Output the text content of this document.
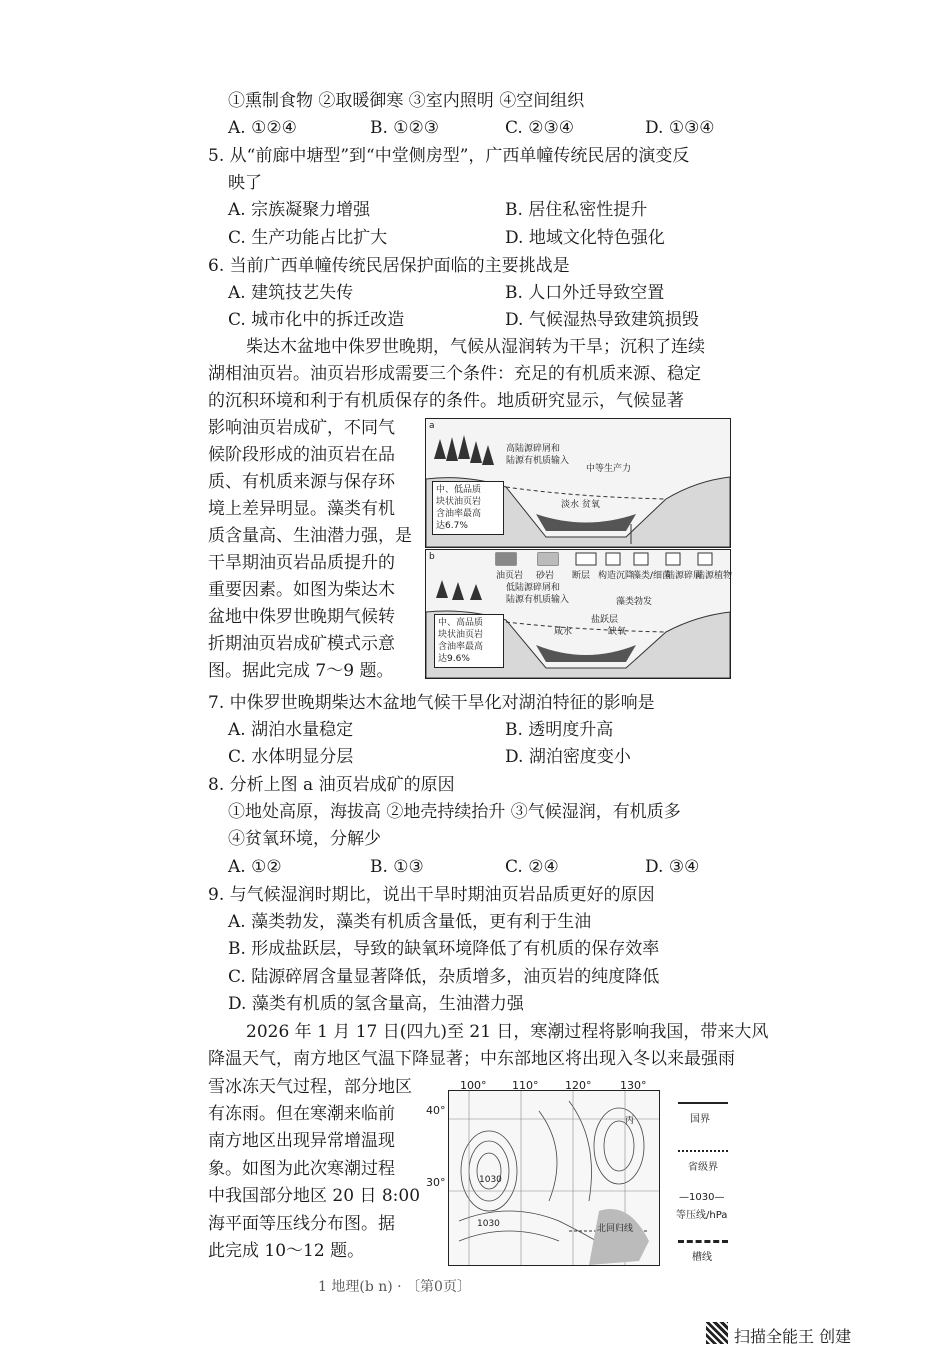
①熏制食物 ②取暖御寒 ③室内照明 ④空间组织
A. ①②④	B. ①②③	C. ②③④	D. ①③④
5. 从“前廊中塘型”到“中堂侧房型”，广西单幢传统民居的演变反
映了
A. 宗族凝聚力增强	B. 居住私密性提升
C. 生产功能占比扩大	D. 地域文化特色强化
6. 当前广西单幢传统民居保护面临的主要挑战是
A. 建筑技艺失传	B. 人口外迁导致空置
C. 城市化中的拆迁改造	D. 气候湿热导致建筑损毁
柴达木盆地中侏罗世晚期，气候从湿润转为干旱；沉积了连续
湖相油页岩。油页岩形成需要三个条件：充足的有机质来源、稳定
的沉积环境和利于有机质保存的条件。地质研究显示，气候显著
影响油页岩成矿，不同气
候阶段形成的油页岩在品
质、有机质来源与保存环
境上差异明显。藻类有机
质含量高、生油潜力强，是
干旱期油页岩品质提升的
重要因素。如图为柴达木
盆地中侏罗世晚期气候转
折期油页岩成矿模式示意
图。据此完成 7～9 题。
a
高陆源碎屑和
陆源有机质输入
中等生产力
淡水 贫氧
中、低品质
块状油页岩
含油率最高
达6.7%
b
油页岩 砂岩 断层 构造沉降
藻类/细菌
陆源碎屑
陆源植物
低陆源碎屑和
陆源有机质输入	藻类勃发
盐跃层
咸水	缺氧
中、高品质
块状油页岩
含油率最高
达9.6%
7. 中侏罗世晚期柴达木盆地气候干旱化对湖泊特征的影响是
A. 湖泊水量稳定	B. 透明度升高
C. 水体明显分层	D. 湖泊密度变小
8. 分析上图 a 油页岩成矿的原因
①地处高原，海拔高 ②地壳持续抬升 ③气候湿润，有机质多
④贫氧环境，分解少
A. ①②	B. ①③	C. ②④	D. ③④
9. 与气候湿润时期比，说出干旱时期油页岩品质更好的原因
A. 藻类勃发，藻类有机质含量低，更有利于生油
B. 形成盐跃层，导致的缺氧环境降低了有机质的保存效率
C. 陆源碎屑含量显著降低，杂质增多，油页岩的纯度降低
D. 藻类有机质的氢含量高，生油潜力强
2026 年 1 月 17 日(四九)至 21 日，寒潮过程将影响我国，带来大风
降温天气，南方地区气温下降显著；中东部地区将出现入冬以来最强雨
雪冰冻天气过程，部分地区
有冻雨。但在寒潮来临前
南方地区出现异常增温现
象。如图为此次寒潮过程
中我国部分地区 20 日 8:00
海平面等压线分布图。据
此完成 10～12 题。
1030
1030
丙
北回归线
100° 110° 120°	130°
40°
30°
国界
省级界
—1030—
等压线/hPa
槽线
1 地理(b n) · 〔第0页〕
扫描全能王 创建
